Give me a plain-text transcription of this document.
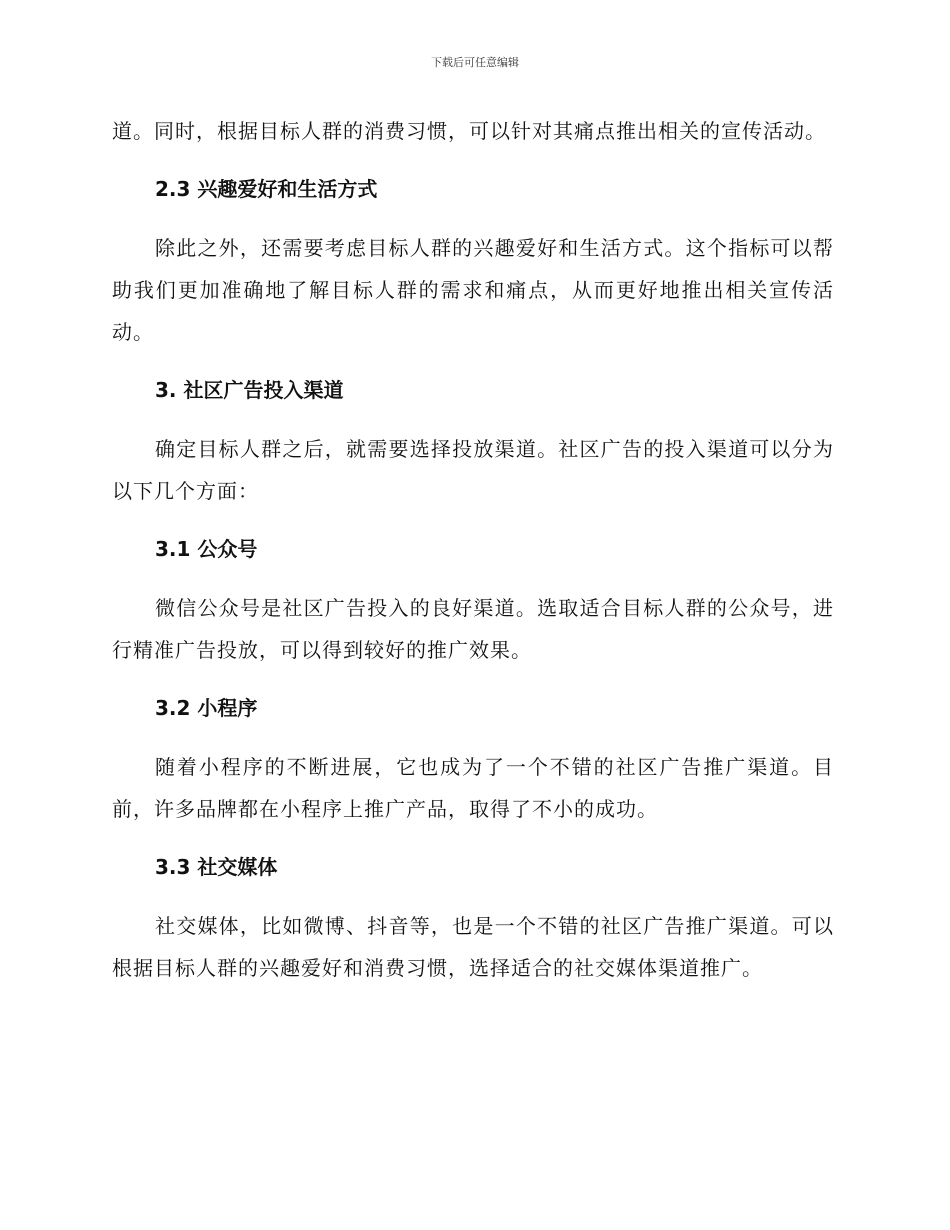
下载后可任意编辑

道。同时，根据目标人群的消费习惯，可以针对其痛点推出相关的宣传活动。

2.3 兴趣爱好和生活方式

除此之外，还需要考虑目标人群的兴趣爱好和生活方式。这个指标可以帮助我们更加准确地了解目标人群的需求和痛点，从而更好地推出相关宣传活动。

3. 社区广告投入渠道

确定目标人群之后，就需要选择投放渠道。社区广告的投入渠道可以分为以下几个方面：

3.1 公众号

微信公众号是社区广告投入的良好渠道。选取适合目标人群的公众号，进行精准广告投放，可以得到较好的推广效果。

3.2 小程序

随着小程序的不断进展，它也成为了一个不错的社区广告推广渠道。目前，许多品牌都在小程序上推广产品，取得了不小的成功。

3.3 社交媒体

社交媒体，比如微博、抖音等，也是一个不错的社区广告推广渠道。可以根据目标人群的兴趣爱好和消费习惯，选择适合的社交媒体渠道推广。
